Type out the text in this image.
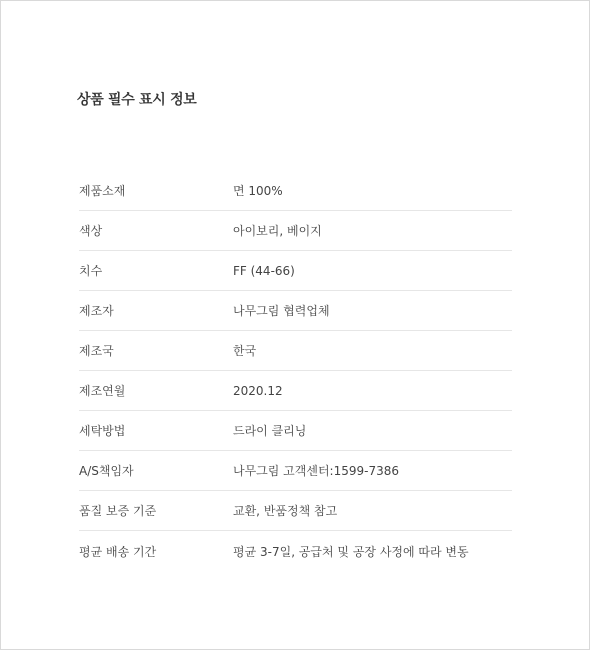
상품 필수 표시 정보
제품소재	면 100%
색상	아이보리, 베이지
치수	FF (44-66)
제조자	나무그림 협력업체
제조국	한국
제조연월	2020.12
세탁방법	드라이 클리닝
A/S책임자	나무그림 고객센터:1599-7386
품질 보증 기준	교환, 반품정책 참고
평균 배송 기간	평균 3-7일, 공급처 및 공장 사정에 따라 변동
